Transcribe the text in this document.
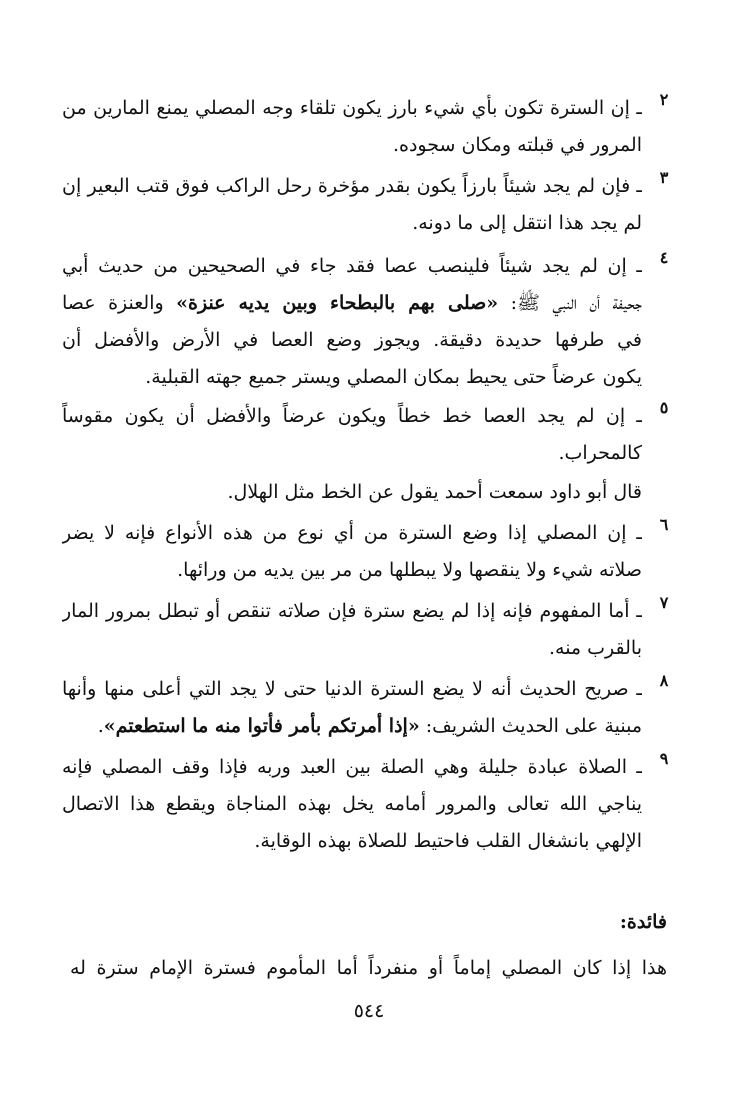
٢
ـ إن السترة تكون بأي شيء بارز يكون تلقاء وجه المصلي يمنع المارين من
المرور في قبلته ومكان سجوده.
٣
ـ فإن لم يجد شيئاً بارزاً يكون بقدر مؤخرة رحل الراكب فوق قتب البعير إن
لم يجد هذا انتقل إلى ما دونه.
٤
ـ إن لم يجد شيئاً فلينصب عصا فقد جاء في الصحيحين من حديث أبي
جحيفة أن النبي ﷺ: «صلى بهم بالبطحاء وبين يديه عنزة» والعنزة عصا
في طرفها حديدة دقيقة. ويجوز وضع العصا في الأرض والأفضل أن
يكون عرضاً حتى يحيط بمكان المصلي ويستر جميع جهته القبلية.
٥
ـ إن لم يجد العصا خط خطاً ويكون عرضاً والأفضل أن يكون مقوساً
كالمحراب.
قال أبو داود سمعت أحمد يقول عن الخط مثل الهلال.
٦
ـ إن المصلي إذا وضع السترة من أي نوع من هذه الأنواع فإنه لا يضر
صلاته شيء ولا ينقصها ولا يبطلها من مر بين يديه من ورائها.
٧
ـ أما المفهوم فإنه إذا لم يضع سترة فإن صلاته تنقص أو تبطل بمرور المار
بالقرب منه.
٨
ـ صريح الحديث أنه لا يضع السترة الدنيا حتى لا يجد التي أعلى منها وأنها
مبنية على الحديث الشريف: «إذا أمرتكم بأمر فأتوا منه ما استطعتم».
٩
ـ الصلاة عبادة جليلة وهي الصلة بين العبد وربه فإذا وقف المصلي فإنه
يناجي الله تعالى والمرور أمامه يخل بهذه المناجاة ويقطع هذا الاتصال
الإلهي بانشغال القلب فاحتيط للصلاة بهذه الوقاية.
فائدة:
هذا إذا كان المصلي إماماً أو منفرداً أما المأموم فسترة الإمام سترة له
٥٤٤
